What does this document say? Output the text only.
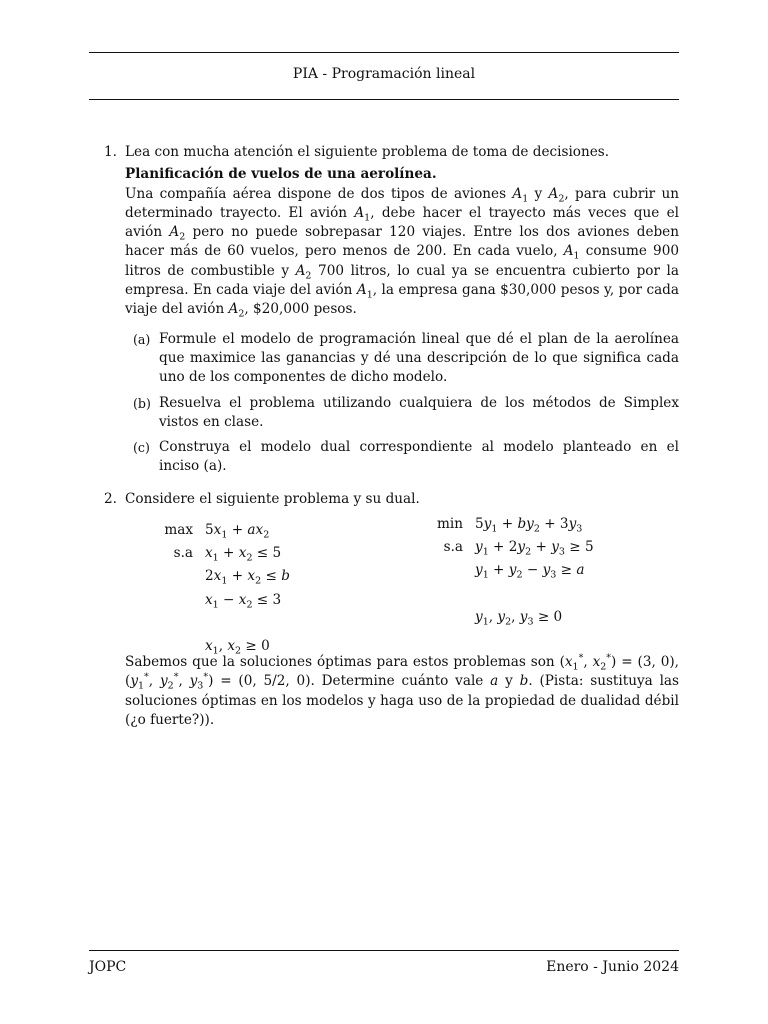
PIA - Programación lineal
1. Lea con mucha atención el siguiente problema de toma de decisiones.

Planificación de vuelos de una aerolínea.

Una compañía aérea dispone de dos tipos de aviones $A_1$ y $A_2$, para cubrir un determinado trayecto. El avión $A_1$, debe hacer el trayecto más veces que el avión $A_2$ pero no puede sobrepasar 120 viajes. Entre los dos aviones deben hacer más de 60 vuelos, pero menos de 200. En cada vuelo, $A_1$ consume 900 litros de combustible y $A_2$ 700 litros, lo cual ya se encuentra cubierto por la empresa. En cada viaje del avión $A_1$, la empresa gana $30,000 pesos y, por cada viaje del avión $A_2$, $20,000 pesos.

(a) Formule el modelo de programación lineal que dé el plan de la aerolínea que maximice las ganancias y dé una descripción de lo que significa cada uno de los componentes de dicho modelo.
(b) Resuelva el problema utilizando cualquiera de los métodos de Simplex vistos en clase.
(c) Construya el modelo dual correspondiente al modelo planteado en el inciso (a).
2. Considere el siguiente problema y su dual.

$\max 5x_1 + ax_2$
s.a $x_1 + x_2 \le 5$
$2x_1 + x_2 \le b$
$x_1 - x_2 \le 3$
$x_1$, $x_2 \ge 0$
$\min 5y_1 + by_2 + 3y_3$
s.a $y_1 + 2y_2 + y_3 \ge 5$
$y_1 + y_2 - y_3 \ge a$
$y_1$, $y_2$, $y_3 \ge 0$

Sabemos que la soluciones óptimas para estos problemas son ($x_1^*$, $x_2^*) = (3$, 0), ($y_1^*$, $y_2^*$, $y_3^*) = (0$, 5/2, 0). Determine cuánto vale a y b. (Pista: sustituya las soluciones óptimas en los modelos y haga uso de la propiedad de dualidad débil (¿o fuerte?)).

JOPC	Enero - Junio 2024
